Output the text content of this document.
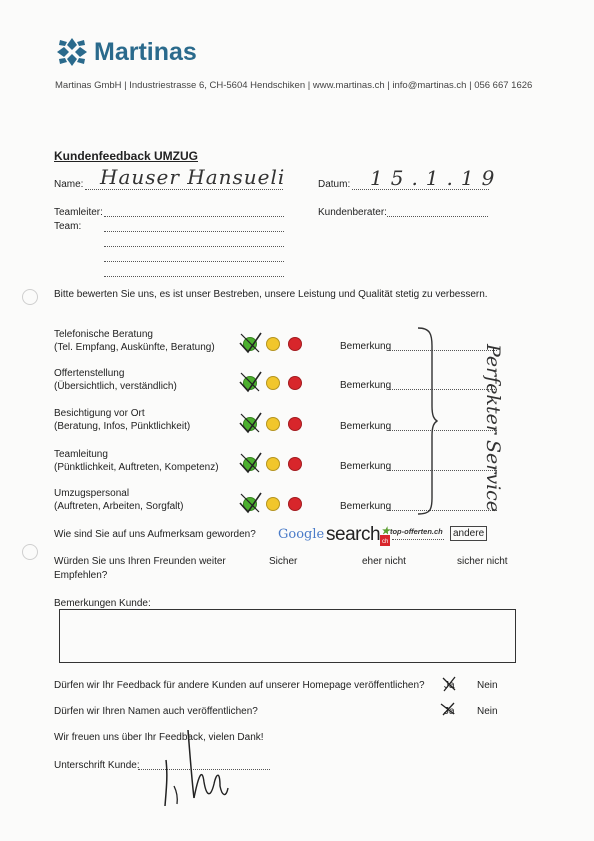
Martinas
Martinas GmbH | Industriestrasse 6, CH-5604 Hendschiken | www.martinas.ch | info@martinas.ch | 056 667 1626
Kundenfeedback UMZUG
Name: Hauser Hansueli	Datum: 15.1.19
Teamleiter:	Kundenberater:
Team:
Bitte bewerten Sie uns, es ist unser Bestreben, unsere Leistung und Qualität stetig zu verbessern.
Telefonische Beratung
(Tel. Empfang, Auskünfte, Beratung)	Bemerkung
Offertenstellung
(Übersichtlich, verständlich)	Bemerkung
Besichtigung vor Ort
(Beratung, Infos, Pünktlichkeit)	Bemerkung
Teamleitung
(Pünktlichkeit, Auftreten, Kompetenz)	Bemerkung
Umzugspersonal
(Auftreten, Arbeiten, Sorgfalt)	Bemerkung	Perfekter Service
Wie sind Sie auf uns Aufmerksam geworden? Google search ch
★top-offerten.ch	andere
Würden Sie uns Ihren Freunden weiter
Empfehlen?
Sicher	eher nicht	sicher nicht
Bemerkungen Kunde:
Dürfen wir Ihr Feedback für andere Kunden auf unserer Homepage veröffentlichen? Ja Nein
Dürfen wir Ihren Namen auch veröffentlichen?	Ja Nein
Wir freuen uns über Ihr Feedback, vielen Dank!
Unterschrift Kunde:
